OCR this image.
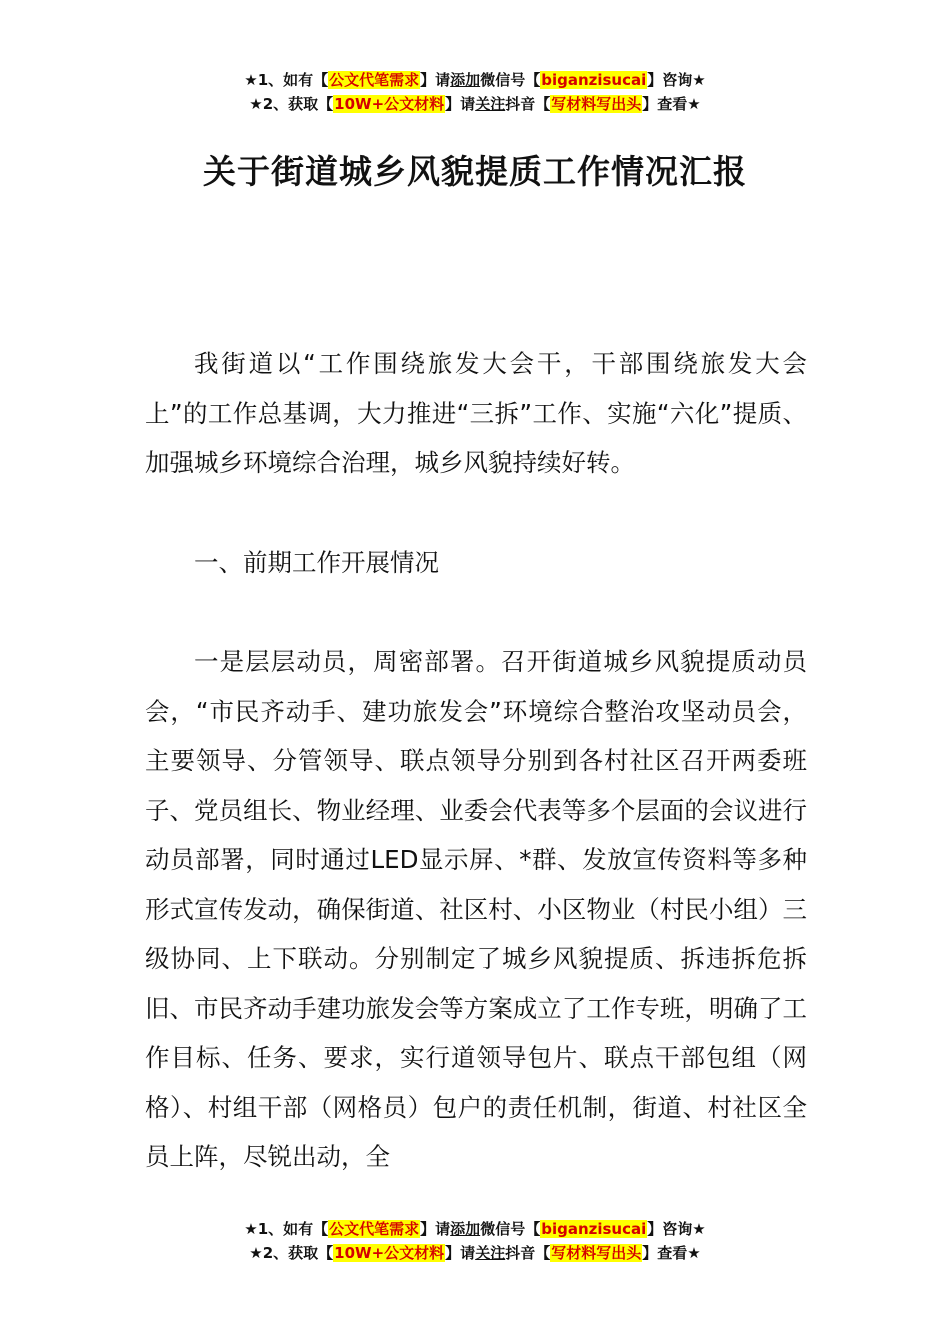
★1、如有【公文代笔需求】请添加微信号【biganzisucai】咨询★
★2、获取【10W+公文材料】请关注抖音【写材料写出头】查看★
关于街道城乡风貌提质工作情况汇报

我街道以“工作围绕旅发大会干，干部围绕旅发大会上”的工作总基调，大力推进“三拆”工作、实施“六化”提质、加强城乡环境综合治理，城乡风貌持续好转。

一、前期工作开展情况

一是层层动员，周密部署。召开街道城乡风貌提质动员会，“市民齐动手、建功旅发会”环境综合整治攻坚动员会，主要领导、分管领导、联点领导分别到各村社区召开两委班子、党员组长、物业经理、业委会代表等多个层面的会议进行动员部署，同时通过LED显示屏、*群、发放宣传资料等多种形式宣传发动，确保街道、社区村、小区物业（村民小组）三级协同、上下联动。分别制定了城乡风貌提质、拆违拆危拆旧、市民齐动手建功旅发会等方案成立了工作专班，明确了工作目标、任务、要求，实行道领导包片、联点干部包组（网格）、村组干部（网格员）包户的责任机制，街道、村社区全员上阵，尽锐出动，全

★1、如有【公文代笔需求】请添加微信号【biganzisucai】咨询★
★2、获取【10W+公文材料】请关注抖音【写材料写出头】查看★
